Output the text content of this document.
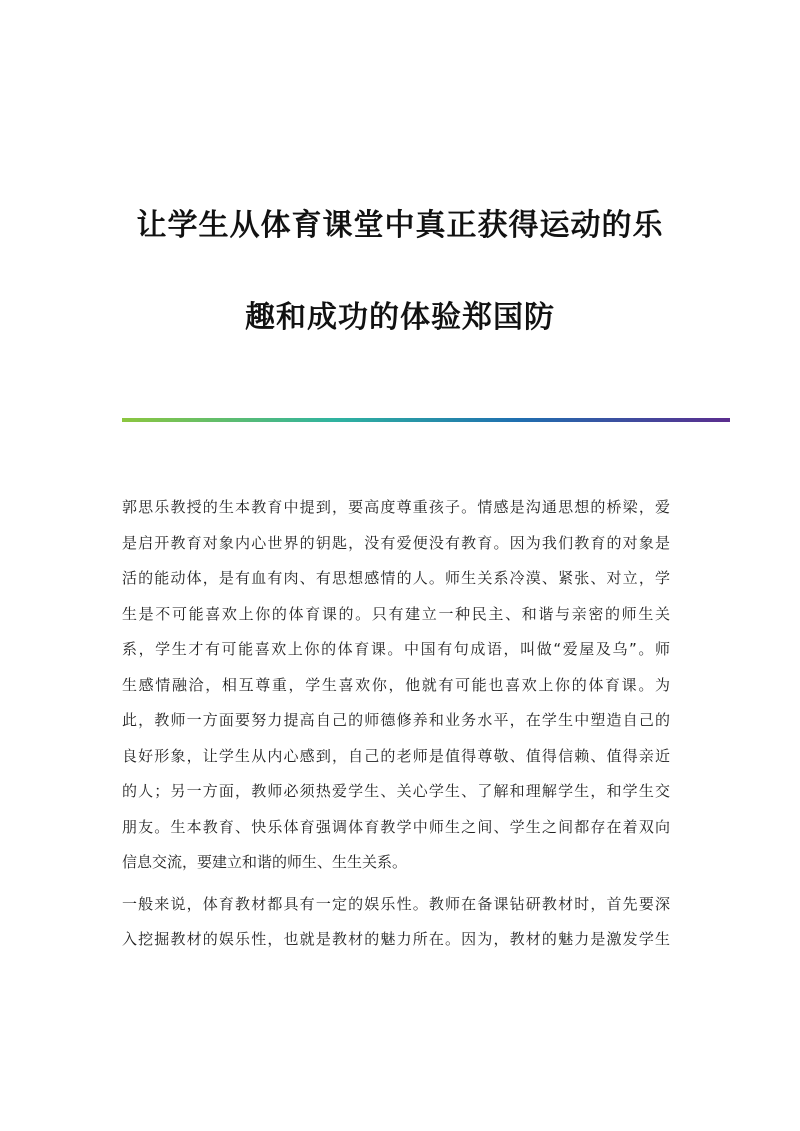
让学生从体育课堂中真正获得运动的乐
趣和成功的体验郑国防

郭思乐教授的生本教育中提到，要高度尊重孩子。情感是沟通思想的桥梁，爱
是启开教育对象内心世界的钥匙，没有爱便没有教育。因为我们教育的对象是
活的能动体，是有血有肉、有思想感情的人。师生关系冷漠、紧张、对立，学
生是不可能喜欢上你的体育课的。只有建立一种民主、和谐与亲密的师生关
系，学生才有可能喜欢上你的体育课。中国有句成语，叫做“爱屋及乌”。师
生感情融洽，相互尊重，学生喜欢你，他就有可能也喜欢上你的体育课。为
此，教师一方面要努力提高自己的师德修养和业务水平，在学生中塑造自己的
良好形象，让学生从内心感到，自己的老师是值得尊敬、值得信赖、值得亲近
的人；另一方面，教师必须热爱学生、关心学生、了解和理解学生，和学生交
朋友。生本教育、快乐体育强调体育教学中师生之间、学生之间都存在着双向
信息交流，要建立和谐的师生、生生关系。

一般来说，体育教材都具有一定的娱乐性。教师在备课钻研教材时，首先要深
入挖掘教材的娱乐性，也就是教材的魅力所在。因为，教材的魅力是激发学生
